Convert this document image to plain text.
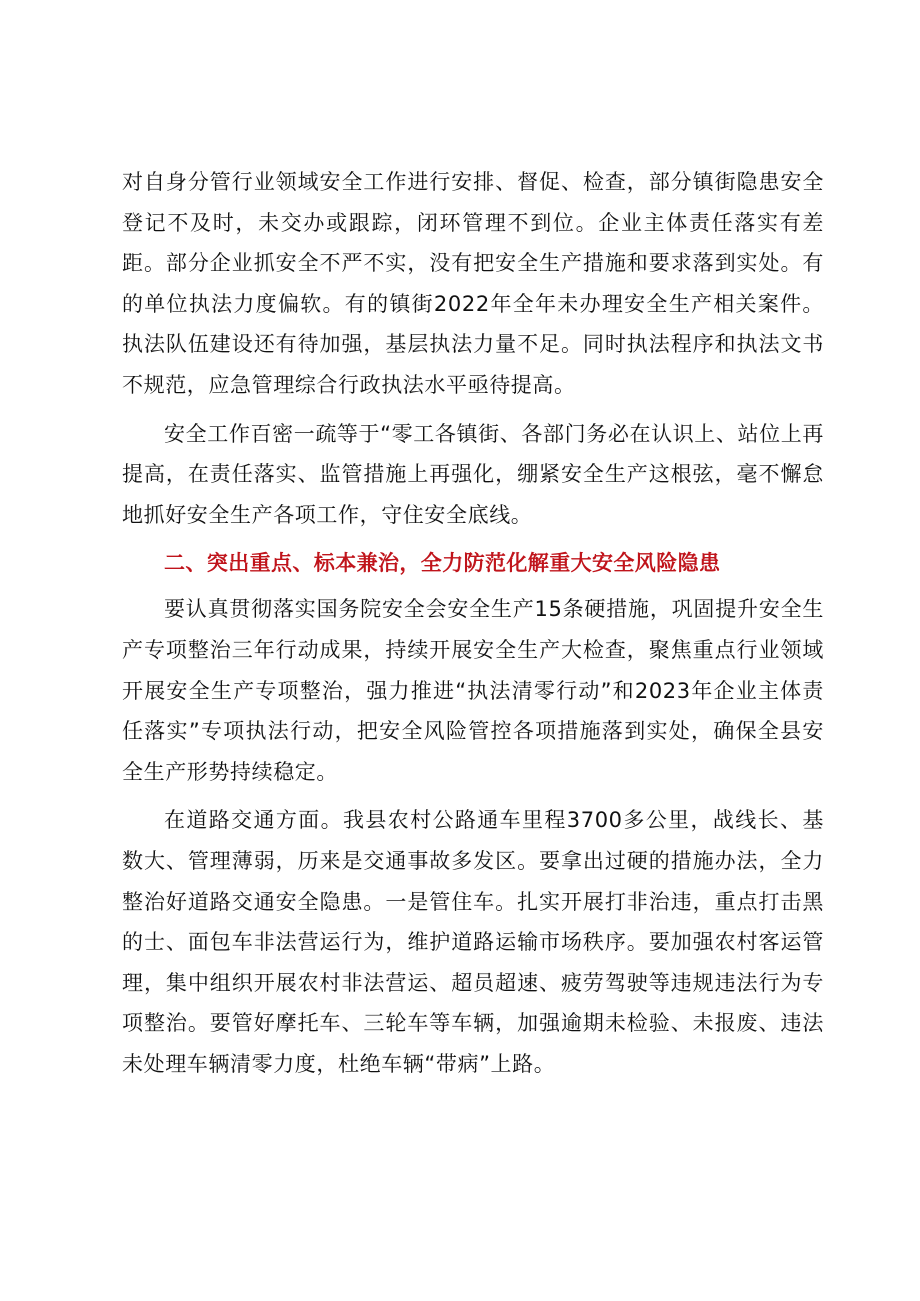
对自身分管行业领域安全工作进行安排、督促、检查，部分镇街隐患安全登记不及时，未交办或跟踪，闭环管理不到位。企业主体责任落实有差距。部分企业抓安全不严不实，没有把安全生产措施和要求落到实处。有的单位执法力度偏软。有的镇街2022年全年未办理安全生产相关案件。执法队伍建设还有待加强，基层执法力量不足。同时执法程序和执法文书不规范，应急管理综合行政执法水平亟待提高。

安全工作百密一疏等于“零工各镇街、各部门务必在认识上、站位上再提高，在责任落实、监管措施上再强化，绷紧安全生产这根弦，毫不懈怠地抓好安全生产各项工作，守住安全底线。

二、突出重点、标本兼治，全力防范化解重大安全风险隐患

要认真贯彻落实国务院安全会安全生产15条硬措施，巩固提升安全生产专项整治三年行动成果，持续开展安全生产大检查，聚焦重点行业领域开展安全生产专项整治，强力推进“执法清零行动”和2023年企业主体责任落实”专项执法行动，把安全风险管控各项措施落到实处，确保全县安全生产形势持续稳定。

在道路交通方面。我县农村公路通车里程3700多公里，战线长、基数大、管理薄弱，历来是交通事故多发区。要拿出过硬的措施办法，全力整治好道路交通安全隐患。一是管住车。扎实开展打非治违，重点打击黑的士、面包车非法营运行为，维护道路运输市场秩序。要加强农村客运管理，集中组织开展农村非法营运、超员超速、疲劳驾驶等违规违法行为专项整治。要管好摩托车、三轮车等车辆，加强逾期未检验、未报废、违法未处理车辆清零力度，杜绝车辆“带病”上路。
